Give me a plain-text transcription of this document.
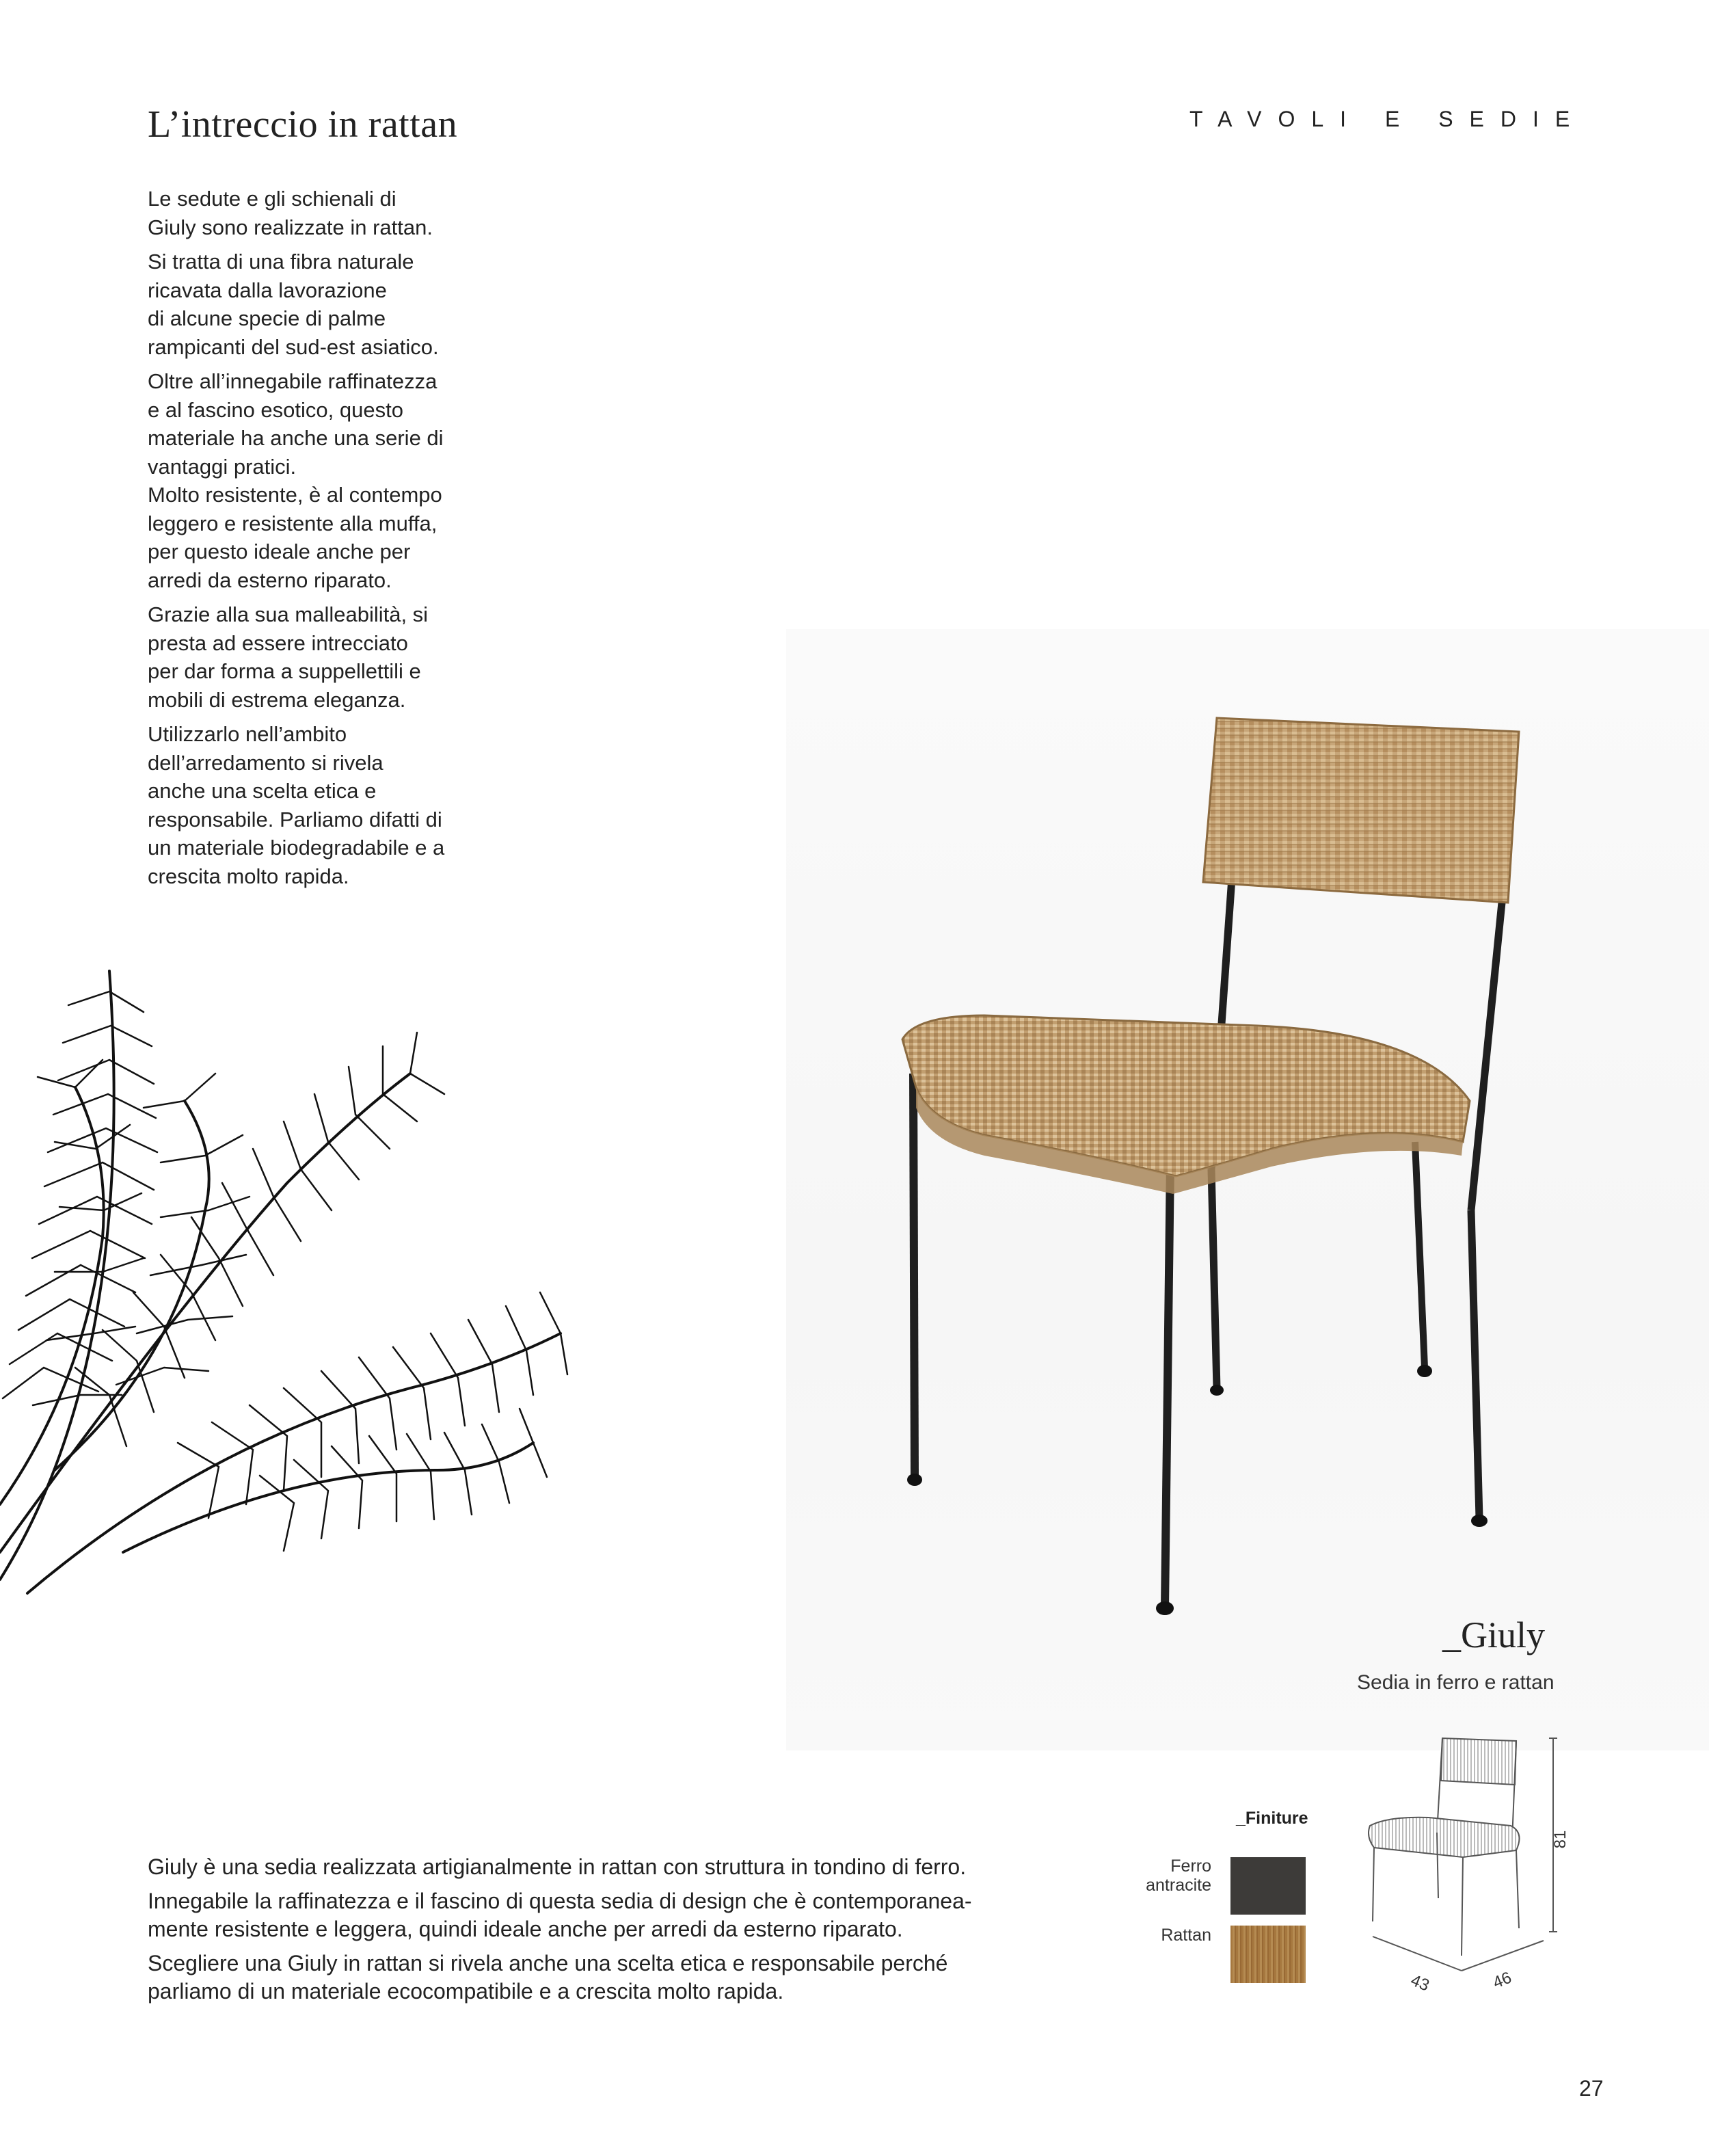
L’intreccio in rattan	TAVOLI E SEDIE

Le sedute e gli schienali di
Giuly sono realizzate in rattan.

Si tratta di una fibra naturale
ricavata dalla lavorazione
di alcune specie di palme
rampicanti del sud-est asiatico.

Oltre all’innegabile raffinatezza
e al fascino esotico, questo
materiale ha anche una serie di
vantaggi pratici.
Molto resistente, è al contempo
leggero e resistente alla muffa,
per questo ideale anche per
arredi da esterno riparato.

Grazie alla sua malleabilità, si
presta ad essere intrecciato
per dar forma a suppellettili e
mobili di estrema eleganza.

Utilizzarlo nell’ambito
dell’arredamento si rivela
anche una scelta etica e
responsabile. Parliamo difatti di
un materiale biodegradabile e a
crescita molto rapida.

_Giuly
Sedia in ferro e rattan

Giuly è una sedia realizzata artigianalmente in rattan con struttura in tondino di ferro.

Innegabile la raffinatezza e il fascino di questa sedia di design che è contemporanea-
mente resistente e leggera, quindi ideale anche per arredi da esterno riparato.

Scegliere una Giuly in rattan si rivela anche una scelta etica e responsabile perché
parliamo di un materiale ecocompatibile e a crescita molto rapida.

_Finiture
Ferro
antracite
Rattan
81
43	46
27
